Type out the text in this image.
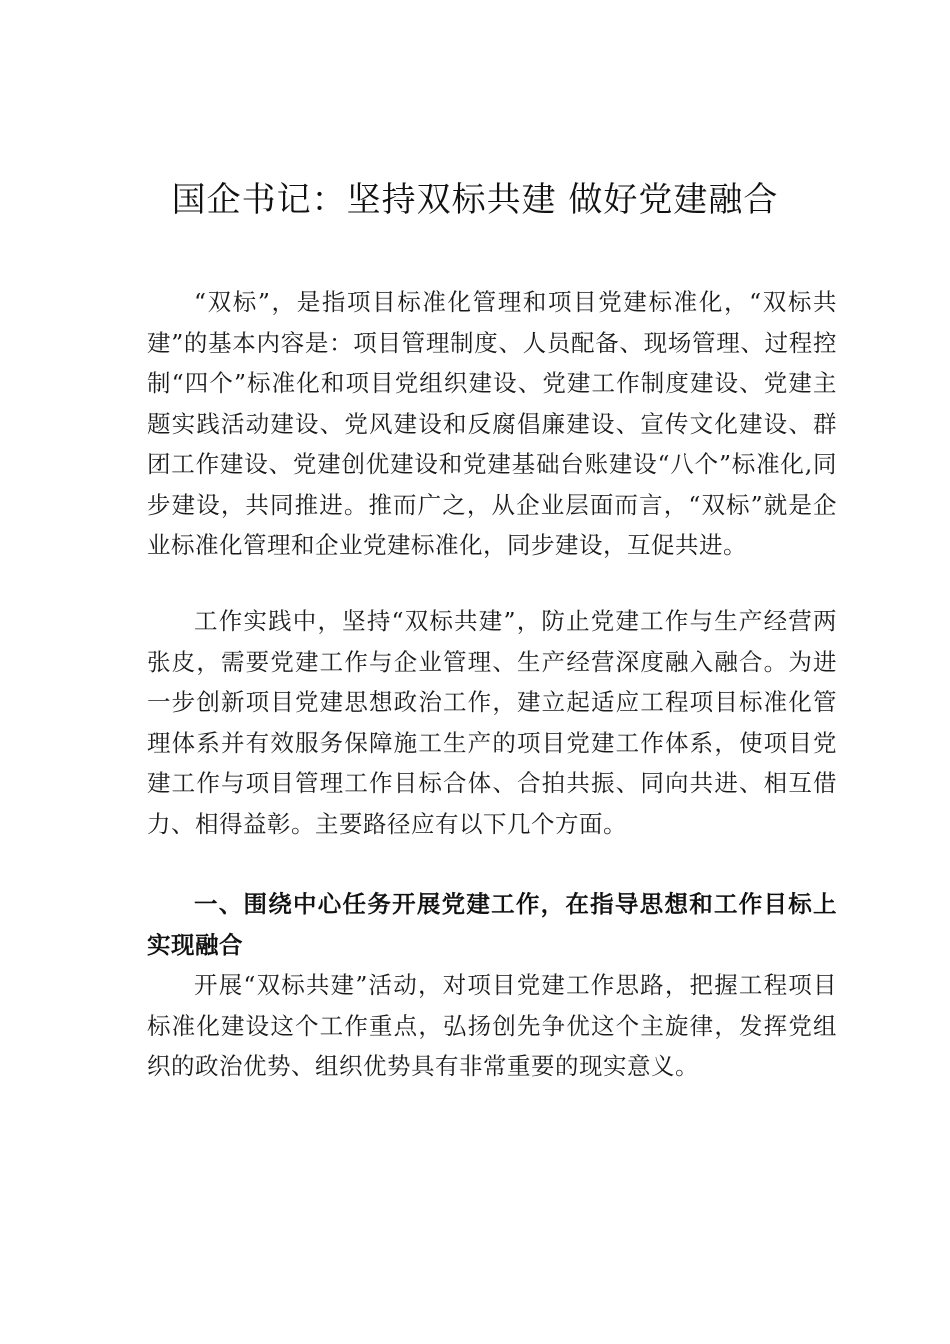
国企书记：坚持双标共建 做好党建融合

“双标”，是指项目标准化管理和项目党建标准化，“双标共建”的基本内容是：项目管理制度、人员配备、现场管理、过程控制“四个”标准化和项目党组织建设、党建工作制度建设、党建主题实践活动建设、党风建设和反腐倡廉建设、宣传文化建设、群团工作建设、党建创优建设和党建基础台账建设“八个”标准化,同步建设，共同推进。推而广之，从企业层面而言，“双标”就是企业标准化管理和企业党建标准化，同步建设，互促共进。

工作实践中，坚持“双标共建”，防止党建工作与生产经营两张皮，需要党建工作与企业管理、生产经营深度融入融合。为进一步创新项目党建思想政治工作，建立起适应工程项目标准化管理体系并有效服务保障施工生产的项目党建工作体系，使项目党建工作与项目管理工作目标合体、合拍共振、同向共进、相互借力、相得益彰。主要路径应有以下几个方面。

一、围绕中心任务开展党建工作，在指导思想和工作目标上实现融合

开展“双标共建”活动，对项目党建工作思路，把握工程项目标准化建设这个工作重点，弘扬创先争优这个主旋律，发挥党组织的政治优势、组织优势具有非常重要的现实意义。
